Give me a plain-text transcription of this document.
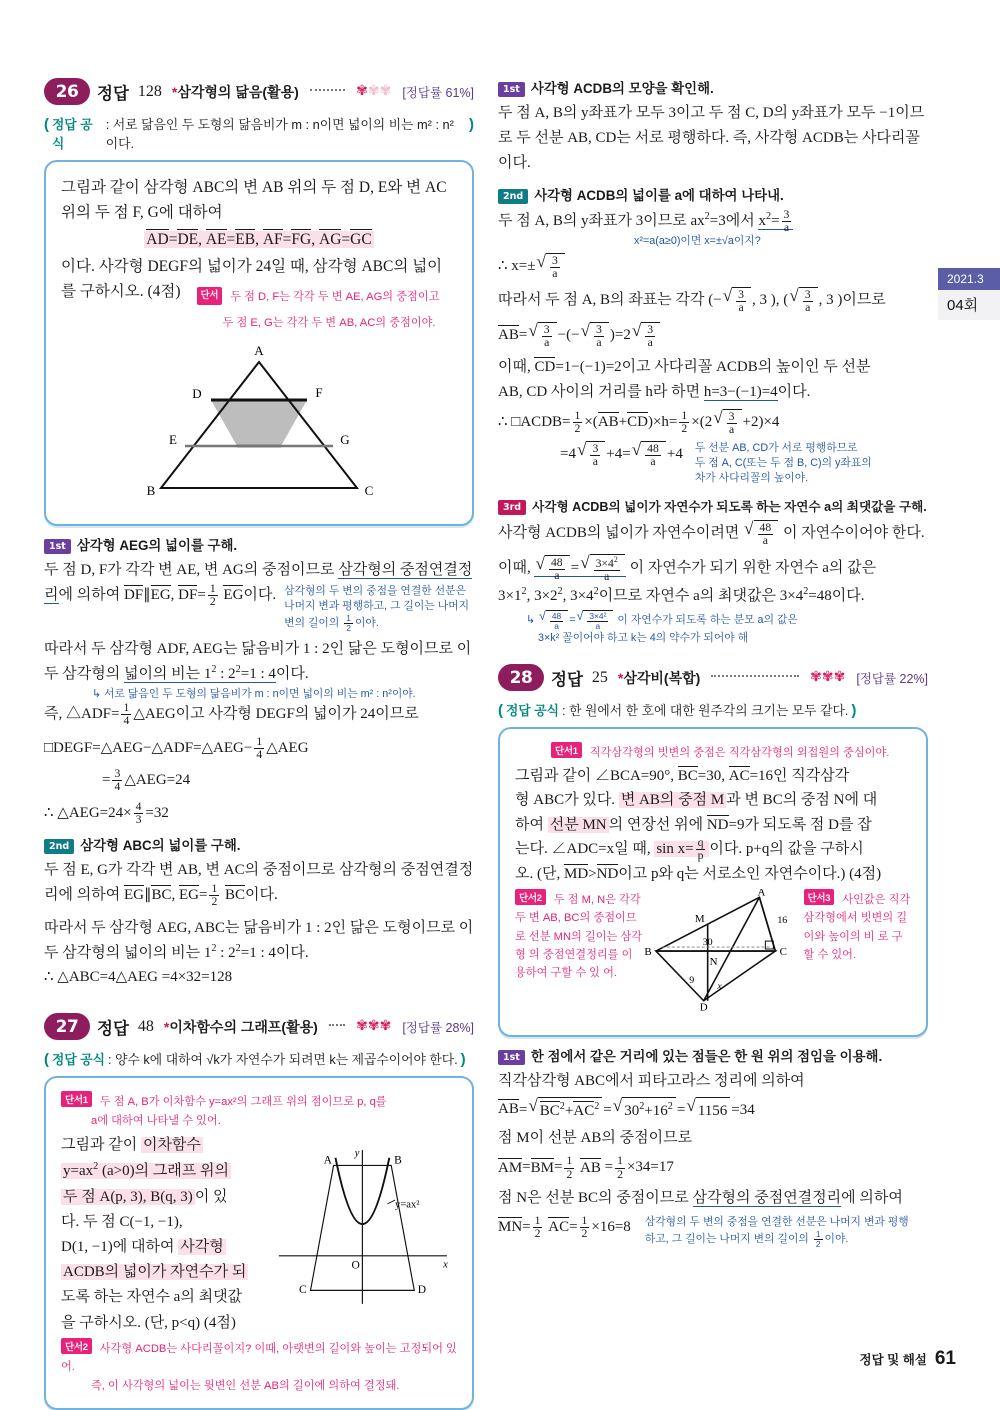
2021.3
04회
26	정답 128 *삼각형의 닮음(활용)	✾✾✾ [정답률 61%]
( 정답 공식
: 서로 닮음인 두 도형의 닮음비가 m : n이면 넓이의 비는 m² : n²이다.
)
그림과 같이 삼각형 ABC의 변 AB 위의 두 점 D, E와 변 AC
위의 두 점 F, G에 대하여
AD=DE, AE=EB, AF=FG, AG=GC
이다. 사각형 DEGF의 넓이가 24일 때, 삼각형 ABC의 넓이
를 구하시오. (4점)	단서 두 점 D, F는 각각 두 변 AE, AG의 중점이고
두 점 E, G는 각각 두 변 AB, AC의 중점이야.
A
D	F
E	G
B	C
1st 삼각형 AEG의 넓이를 구해.
두 점 D, F가 각각 변 AE, 변 AG의 중점이므로 삼각형의 중점연결정
리에 의하여 DF∥EG, $DF= \frac{1}{2}$ EG이다. 삼각형의 두 변의 중점을 연결한 선분은
나머지 변과 평행하고, 그 길이는 나머지
변의 길이의 $\frac{1}{2}$ 이야.
따라서 두 삼각형 ADF, AEG는 닮음비가 1 : 2인 닮은 도형이므로 이
두 삼각형의 넓이의 비는 $1^2$ : $2^2=1$ : 4이다.
↳ 서로 닮음인 두 도형의 닮음비가 m : n이면 넓이의 비는 m² : n²이야.
즉, △ADF= $\frac{1}{4}$ △AEG이고 사각형 DEGF의 넓이가 24이므로
□DEGF=△AEG−△ADF=△AEG− $\frac{1}{4}$ △AEG
= $\frac{3}{4}$ △AEG=24
∴ △AEG=24× $\frac{4}{3} =32$
2nd 삼각형 ABC의 넓이를 구해.
두 점 E, G가 각각 변 AB, 변 AC의 중점이므로 삼각형의 중점연결정
리에 의하여 EG∥BC, $EG= \frac{1}{2}$ BC이다.
따라서 두 삼각형 AEG, ABC는 닮음비가 1 : 2인 닮은 도형이므로 이
두 삼각형의 넓이의 비는 $1^2$ : $2^2=1$ : 4이다.
∴ △ABC=4△AEG =4×32=128
27	정답 48 *이차함수의 그래프(활용)	✾✾✾ [정답률 28%]
( 정답 공식 : 양수 k에 대하여 √k가 자연수가 되려면 k는 제곱수이어야 한다. )
단서1 두 점 A, B가 이차함수 y=ax²의 그래프 위의 점이므로 p, q를
a에 대하여 나타낼 수 있어.
그림과 같이 이차함수
$y=ax^2$ (a>0)의 그래프 위의
두 점 A(p, 3), B(q, 3) 이 있
다. 두 점 C(−1, −1),
D(1, −1)에 대하여 사각형
ACDB의 넓이가 자연수가 되
도록 하는 자연수 a의 최댓값
을 구하시오. (단, p<q) (4점)
A	B
C	D
O	x
y
y=ax²
단서2 사각형 ACDB는 사다리꼴이지? 이때, 아랫변의 길이와 높이는 고정되어 있어.
즉, 이 사각형의 넓이는 윗변인 선분 AB의 길이에 의하여 결정돼.
1st 사각형 ACDB의 모양을 확인해.
두 점 A, B의 y좌표가 모두 3이고 두 점 C, D의 y좌표가 모두 −1이므
로 두 선분 AB, CD는 서로 평행하다. 즉, 사각형 ACDB는 사다리꼴
이다.
2nd 사각형 ACDB의 넓이를 a에 대하여 나타내.
두 점 A, B의 y좌표가 3이므로 $ax^2=3$에서 $x^2= \frac{3}{a}$
x²=a(a≥0)이면 x=±√a이지?
∴ x=± √ $\frac{3}{a}$
따라서 두 점 A, B의 좌표는 각각 (− √ $\frac{3}{a}$ , 3 ), ( √ $\frac{3}{a}$ , 3 )이므로
AB= √ $\frac{3}{a}$ −(− √ $\frac{3}{a} )=2$ √ $\frac{3}{a}$
이때, CD=1−(−1)=2이고 사다리꼴 ACDB의 높이인 두 선분
AB, CD 사이의 거리를 h라 하면 h=3−(−1)=4이다.
∴ □ACDB= $\frac{1}{2} \times(AB+CD)\times h= \frac{1}{2} \times(2$ √ $\frac{3}{a} +2)\times 4$
=4 √ $\frac{3}{a} +4=$ √ $\frac{48}{a} +4$ 두 선분 AB, CD가 서로 평행하므로
두 점 A, C(또는 두 점 B, C)의 y좌표의
차가 사다리꼴의 높이야.
3rd 사각형 ACDB의 넓이가 자연수가 되도록 하는 자연수 a의 최댓값을 구해.
사각형 ACDB의 넓이가 자연수이려면 √ $\frac{48}{a}$ 이 자연수이어야 한다.
이때, √ $\frac{48}{a}$ = √ $\frac{3\times 4^2}{a}$ 이 자연수가 되기 위한 자연수 a의 값은
$3\times 1^2$, $3\times 2^2$, $3\times 4^2$이므로 자연수 a의 최댓값은 $3\times 4^2=48$이다.
↳ √ $\frac{48}{a}$ = √ $\frac{\text{3×4²}}{a}$ 이 자연수가 되도록 하는 분모 a의 값은
3×k² 꼴이어야 하고 k는 4의 약수가 되어야 해
28	정답 25 *삼각비(복합)	✾✾✾ [정답률 22%]
( 정답 공식 : 한 원에서 한 호에 대한 원주각의 크기는 모두 같다. )
단서1 직각삼각형의 빗변의 중점은 직각삼각형의 외접원의 중심이야.
그림과 같이 ∠BCA=90°, BC=30, AC=16인 직각삼각
형 ABC가 있다. 변 AB의 중점 M 과 변 BC의 중점 N에 대
하여 선분 MN 의 연장선 위에 ND=9가 되도록 점 D를 잡
는다. ∠ADC=x일 때, $\sin x= \frac{q}{p}$ 이다. p+q의 값을 구하시
오. (단, MD>ND이고 p와 q는 서로소인 자연수이다.) (4점)
단서2 두 점 M, N은 각각 두 변 AB, BC의 중점이므로 선분 MN의 길이는 삼각형 의 중점연결정리를 이용하여 구할 수 있 어.
A
B	C
D
M
N
30
16
9
x
단서3 사인값은 직각삼각형에서 빗변의 길이와 높이의 비 로 구할 수 있어.
1st 한 점에서 같은 거리에 있는 점들은 한 원 위의 점임을 이용해.
직각삼각형 ABC에서 피타고라스 정리에 의하여
AB= √ $BC^2+AC^2$ = √ $30^2+16^2$ = √ 1156 =34
점 M이 선분 AB의 중점이므로
$AM=BM= \frac{1}{2}$ AB = $\frac{1}{2} \times 34=17$
점 N은 선분 BC의 중점이므로 삼각형의 중점연결정리에 의하여
$MN= \frac{1}{2} AC= \frac{1}{2} \times 16=8$ 삼각형의 두 변의 중점을 연결한 선분은 나머지 변과 평행
하고, 그 길이는 나머지 변의 길이의 $\frac{1}{2}$ 이야.
정답 및 해설 61
